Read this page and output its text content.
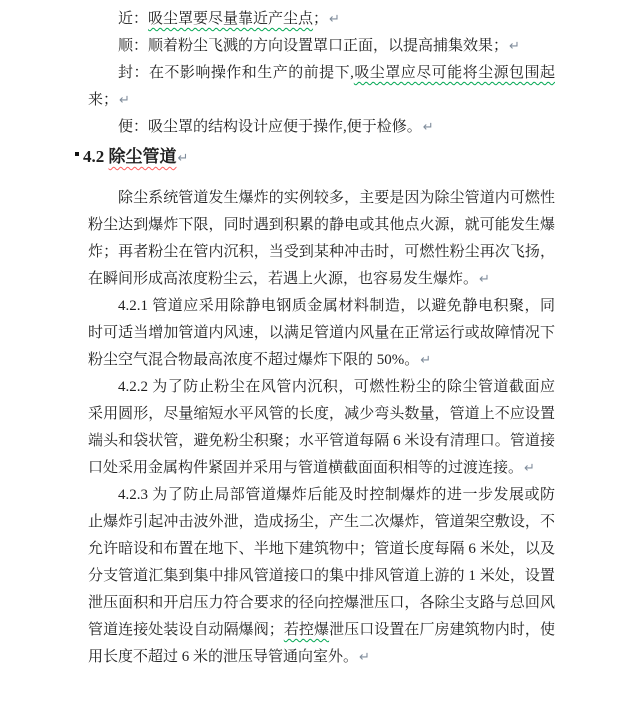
近：吸尘罩要尽量靠近产尘点；↵
顺：顺着粉尘飞溅的方向设置罩口正面，以提高捕集效果；↵
封：在不影响操作和生产的前提下,吸尘罩应尽可能将尘源包围起来；↵
便：吸尘罩的结构设计应便于操作,便于检修。↵
4.2 除尘管道↵
除尘系统管道发生爆炸的实例较多，主要是因为除尘管道内可燃性粉尘达到爆炸下限，同时遇到积累的静电或其他点火源，就可能发生爆炸；再者粉尘在管内沉积，当受到某种冲击时，可燃性粉尘再次飞扬，在瞬间形成高浓度粉尘云，若遇上火源，也容易发生爆炸。↵
4.2.1 管道应采用除静电钢质金属材料制造，以避免静电积聚，同时可适当增加管道内风速，以满足管道内风量在正常运行或故障情况下粉尘空气混合物最高浓度不超过爆炸下限的 50%。↵
4.2.2 为了防止粉尘在风管内沉积，可燃性粉尘的除尘管道截面应采用圆形，尽量缩短水平风管的长度，减少弯头数量，管道上不应设置端头和袋状管，避免粉尘积聚；水平管道每隔 6 米设有清理口。管道接口处采用金属构件紧固并采用与管道横截面面积相等的过渡连接。↵
4.2.3 为了防止局部管道爆炸后能及时控制爆炸的进一步发展或防止爆炸引起冲击波外泄，造成扬尘，产生二次爆炸，管道架空敷设，不允许暗设和布置在地下、半地下建筑物中；管道长度每隔 6 米处，以及分支管道汇集到集中排风管道接口的集中排风管道上游的 1 米处，设置泄压面积和开启压力符合要求的径向控爆泄压口，各除尘支路与总回风管道连接处装设自动隔爆阀；若控爆泄压口设置在厂房建筑物内时，使用长度不超过 6 米的泄压导管通向室外。↵
